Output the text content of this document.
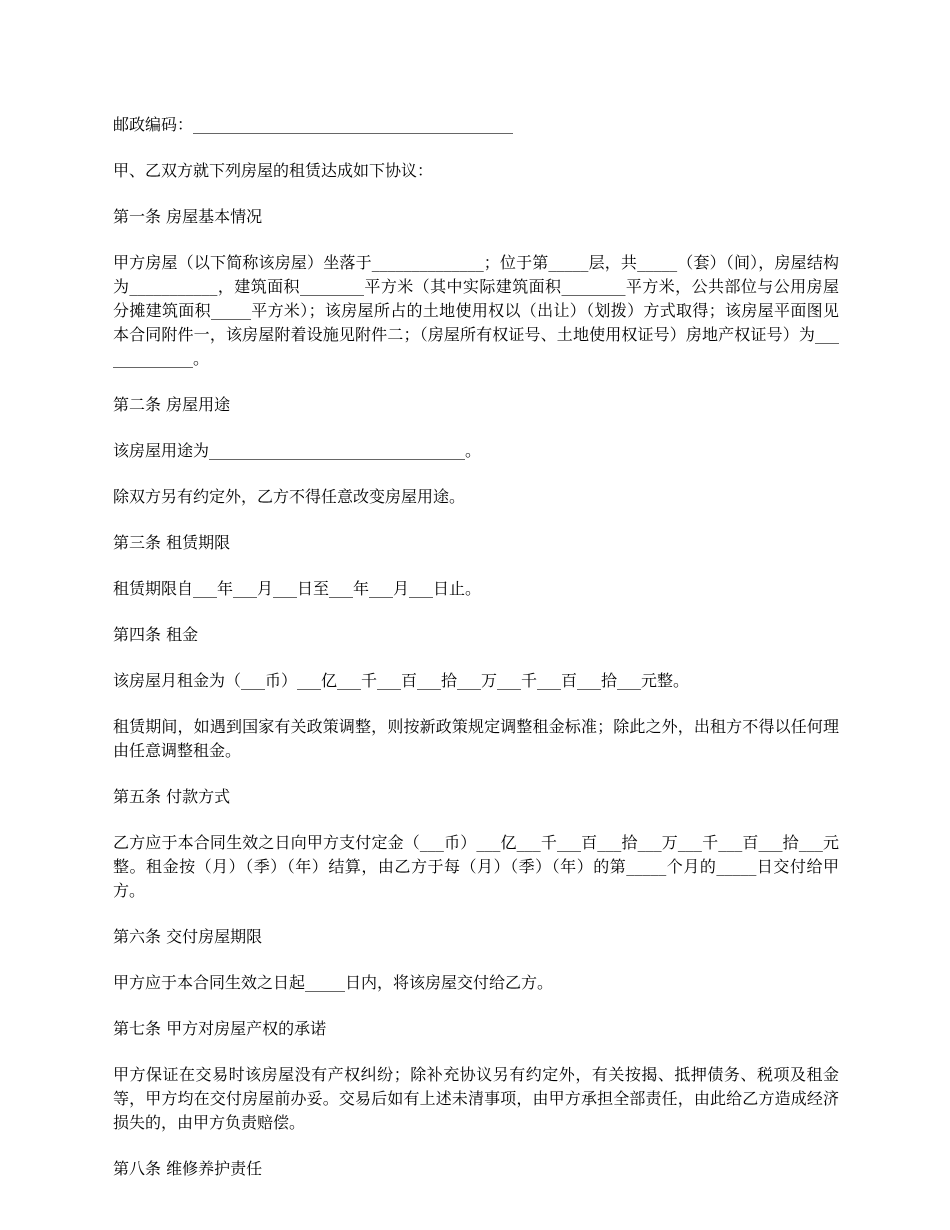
邮政编码：________________________________________

甲、乙双方就下列房屋的租赁达成如下协议：

第一条 房屋基本情况

甲方房屋（以下简称该房屋）坐落于______________；位于第_____层，共_____（套）（间），房屋结构为___________，建筑面积________平方米（其中实际建筑面积________平方米，公共部位与公用房屋分摊建筑面积_____平方米）；该房屋所占的土地使用权以（出让）（划拨）方式取得；该房屋平面图见本合同附件一，该房屋附着设施见附件二；（房屋所有权证号、土地使用权证号）房地产权证号）为_____________。

第二条 房屋用途

该房屋用途为________________________________。

除双方另有约定外，乙方不得任意改变房屋用途。

第三条 租赁期限

租赁期限自___年___月___日至___年___月___日止。

第四条 租金

该房屋月租金为（___币）___亿___千___百___拾___万___千___百___拾___元整。

租赁期间，如遇到国家有关政策调整，则按新政策规定调整租金标准；除此之外，出租方不得以任何理由任意调整租金。

第五条 付款方式

乙方应于本合同生效之日向甲方支付定金（___币）___亿___千___百___拾___万___千___百___拾___元整。租金按（月）（季）（年）结算，由乙方于每（月）（季）（年）的第_____个月的_____日交付给甲方。

第六条 交付房屋期限

甲方应于本合同生效之日起_____日内，将该房屋交付给乙方。

第七条 甲方对房屋产权的承诺

甲方保证在交易时该房屋没有产权纠纷；除补充协议另有约定外，有关按揭、抵押债务、税项及租金等，甲方均在交付房屋前办妥。交易后如有上述未清事项，由甲方承担全部责任，由此给乙方造成经济损失的，由甲方负责赔偿。

第八条 维修养护责任
